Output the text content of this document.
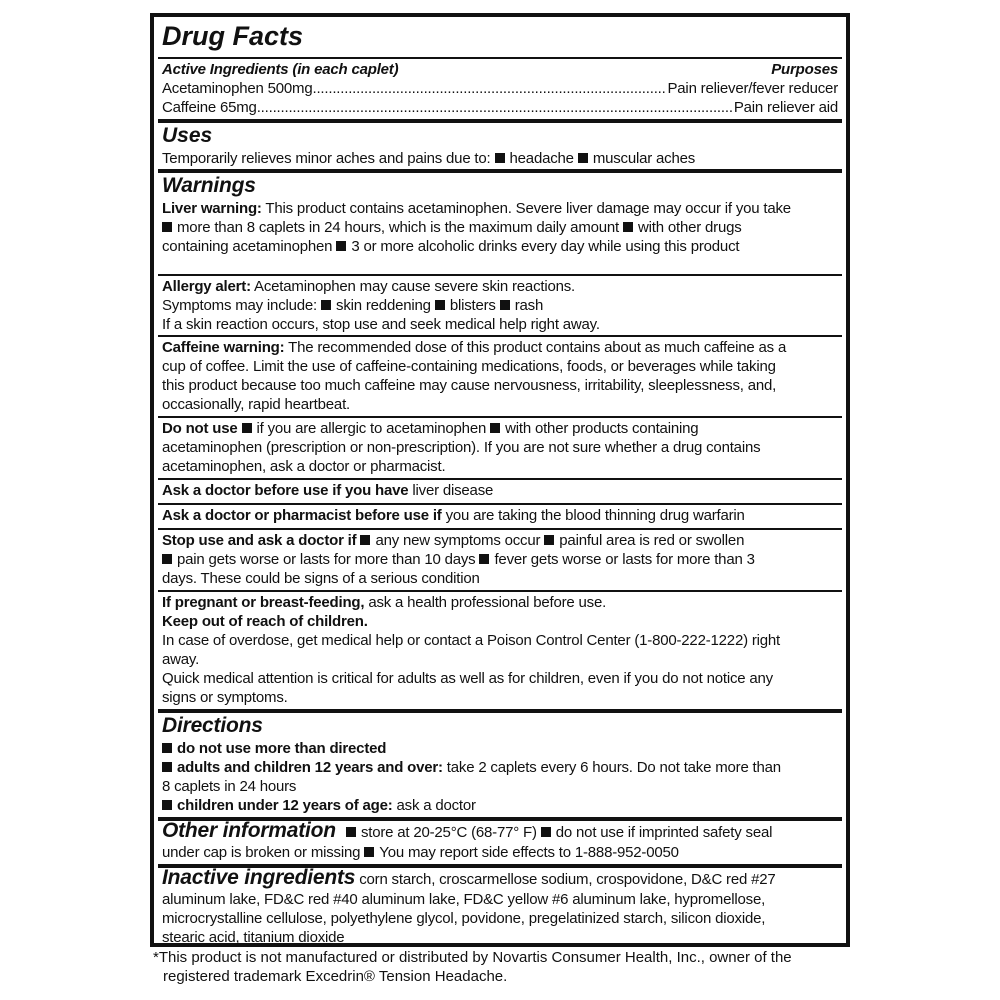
Drug Facts
Active Ingredients (in each caplet)	Purposes
Acetaminophen 500mg .....	Pain reliever/fever reducer
Caffeine 65mg .....	Pain reliever aid
Uses
Temporarily relieves minor aches and pains due to: headache muscular aches
Warnings
Liver warning: This product contains acetaminophen. Severe liver damage may occur if you take
more than 8 caplets in 24 hours, which is the maximum daily amount with other drugs
containing acetaminophen 3 or more alcoholic drinks every day while using this product
Allergy alert: Acetaminophen may cause severe skin reactions.
Symptoms may include: skin reddening blisters rash
If a skin reaction occurs, stop use and seek medical help right away.
Caffeine warning: The recommended dose of this product contains about as much caffeine as a
cup of coffee. Limit the use of caffeine-containing medications, foods, or beverages while taking
this product because too much caffeine may cause nervousness, irritability, sleeplessness, and,
occasionally, rapid heartbeat.
Do not use if you are allergic to acetaminophen with other products containing
acetaminophen (prescription or non-prescription). If you are not sure whether a drug contains
acetaminophen, ask a doctor or pharmacist.
Ask a doctor before use if you have liver disease
Ask a doctor or pharmacist before use if you are taking the blood thinning drug warfarin
Stop use and ask a doctor if any new symptoms occur painful area is red or swollen
pain gets worse or lasts for more than 10 days fever gets worse or lasts for more than 3
days. These could be signs of a serious condition
If pregnant or breast-feeding, ask a health professional before use.
Keep out of reach of children.
In case of overdose, get medical help or contact a Poison Control Center (1-800-222-1222) right
away.
Quick medical attention is critical for adults as well as for children, even if you do not notice any
signs or symptoms.
Directions
do not use more than directed
adults and children 12 years and over: take 2 caplets every 6 hours. Do not take more than
8 caplets in 24 hours
children under 12 years of age: ask a doctor
Other information store at 20-25°C (68-77° F) do not use if imprinted safety seal
under cap is broken or missing You may report side effects to 1-888-952-0050
Inactive ingredients corn starch, croscarmellose sodium, crospovidone, D&C red #27
aluminum lake, FD&C red #40 aluminum lake, FD&C yellow #6 aluminum lake, hypromellose,
microcrystalline cellulose, polyethylene glycol, povidone, pregelatinized starch, silicon dioxide,
stearic acid, titanium dioxide
*This product is not manufactured or distributed by Novartis Consumer Health, Inc., owner of the
registered trademark Excedrin® Tension Headache.
